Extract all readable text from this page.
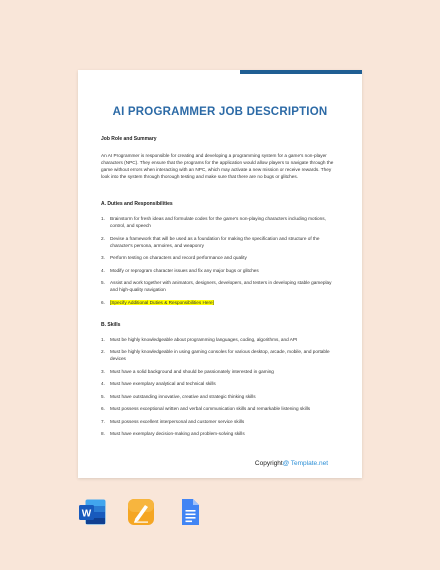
AI PROGRAMMER JOB DESCRIPTION

Job Role and Summary

An AI Programmer is responsible for creating and developing a programming system for a game's non-player characters (NPC). They ensure that the programs for the application would allow players to navigate through the game without errors when interacting with an NPC, which may activate a new mission or receive rewards. They look into the system through thorough testing and make sure that there are no bugs or glitches.

A. Duties and Responsibilities

1.	Brainstorm for fresh ideas and formulate codes for the game's non-playing characters including motions, control, and speech
2.	Devise a framework that will be used as a foundation for making the specification and structure of the character's persona, armoires, and weaponry
3.	Perform testing on characters and record performance and quality
4.	Modify or reprogram character issues and fix any major bugs or glitches
5.	Assist and work together with animators, designers, developers, and testers in developing stable gameplay and high-quality navigation
6.	[Specify Additional Duties & Responsibilities Here]

B. Skills

1.	Must be highly knowledgeable about programming languages, coding, algorithms, and API
2.	Must be highly knowledgeable in using gaming consoles for various desktop, arcade, mobile, and portable devices
3.	Must have a solid background and should be passionately interested in gaming
4.	Must have exemplary analytical and technical skills
5.	Must have outstanding innovative, creative and strategic thinking skills
6.	Must possess exceptional written and verbal communication skills and remarkable listening skills
7.	Must possess excellent interpersonal and customer service skills
8.	Must have exemplary decision-making and problem-solving skills
Copyright@ Template.net
W
